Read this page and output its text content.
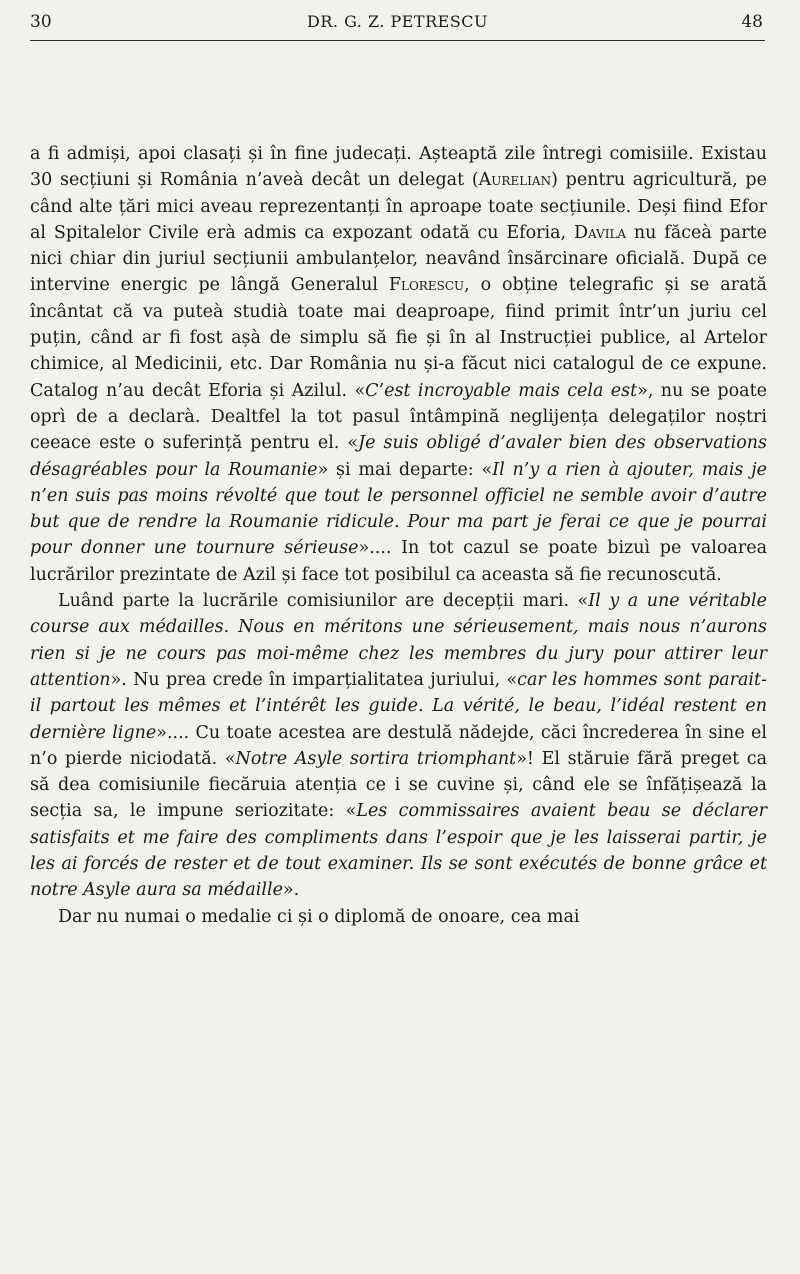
30	DR. G. Z. PETRESCU	48

a fi admiși, apoi clasați și în fine judecați. Așteaptă zile întregi comisiile. Existau 30 secțiuni și România n’aveà decât un delegat (Aurelian) pentru agricultură, pe când alte țări mici aveau reprezentanți în aproape toate secțiunile. Deși fiind Efor al Spitalelor Civile erà admis ca expozant odată cu Eforia, Davila nu făceà parte nici chiar din juriul secțiunii ambulanțelor, neavând însărcinare oficială. După ce intervine energic pe lângă Generalul Florescu, o obține telegrafic și se arată încântat că va puteà studià toate mai deaproape, fiind primit într’un juriu cel puțin, când ar fi fost așà de simplu să fie și în al Instrucției publice, al Artelor chimice, al Medicinii, etc. Dar România nu și-a făcut nici catalogul de ce expune. Catalog n’au decât Eforia și Azilul. «C’est incroyable mais cela est», nu se poate oprì de a declarà. Dealtfel la tot pasul întâmpină neglijența delegaților noștri ceeace este o suferință pentru el. «Je suis obligé d’avaler bien des observations désagréables pour la Roumanie» și mai departe: «Il n’y a rien à ajouter, mais je n’en suis pas moins révolté que tout le personnel officiel ne semble avoir d’autre but que de rendre la Roumanie ridicule. Pour ma part je ferai ce que je pourrai pour donner une tournure sérieuse».... In tot cazul se poate bizuì pe valoarea lucrărilor prezintate de Azil și face tot posibilul ca aceasta să fie recunoscută.

Luând parte la lucrările comisiunilor are decepții mari. «Il y a une véritable course aux médailles. Nous en méritons une sérieusement, mais nous n’aurons rien si je ne cours pas moi-même chez les membres du jury pour attirer leur attention». Nu prea crede în imparțialitatea juriului, «car les hommes sont parait-il partout les mêmes et l’intérêt les guide. La vérité, le beau, l’idéal restent en dernière ligne».... Cu toate acestea are destulă nădejde, căci încrederea în sine el n’o pierde niciodată. «Notre Asyle sortira triomphant»! El stăruie fără preget ca să dea comisiunile fiecăruia atenția ce i se cuvine și, când ele se înfățișează la secția sa, le impune seriozitate: «Les commissaires avaient beau se déclarer satisfaits et me faire des compliments dans l’espoir que je les laisserai partir, je les ai forcés de rester et de tout examiner. Ils se sont exécutés de bonne grâce et notre Asyle aura sa médaille».

Dar nu numai o medalie ci și o diplomă de onoare, cea mai
